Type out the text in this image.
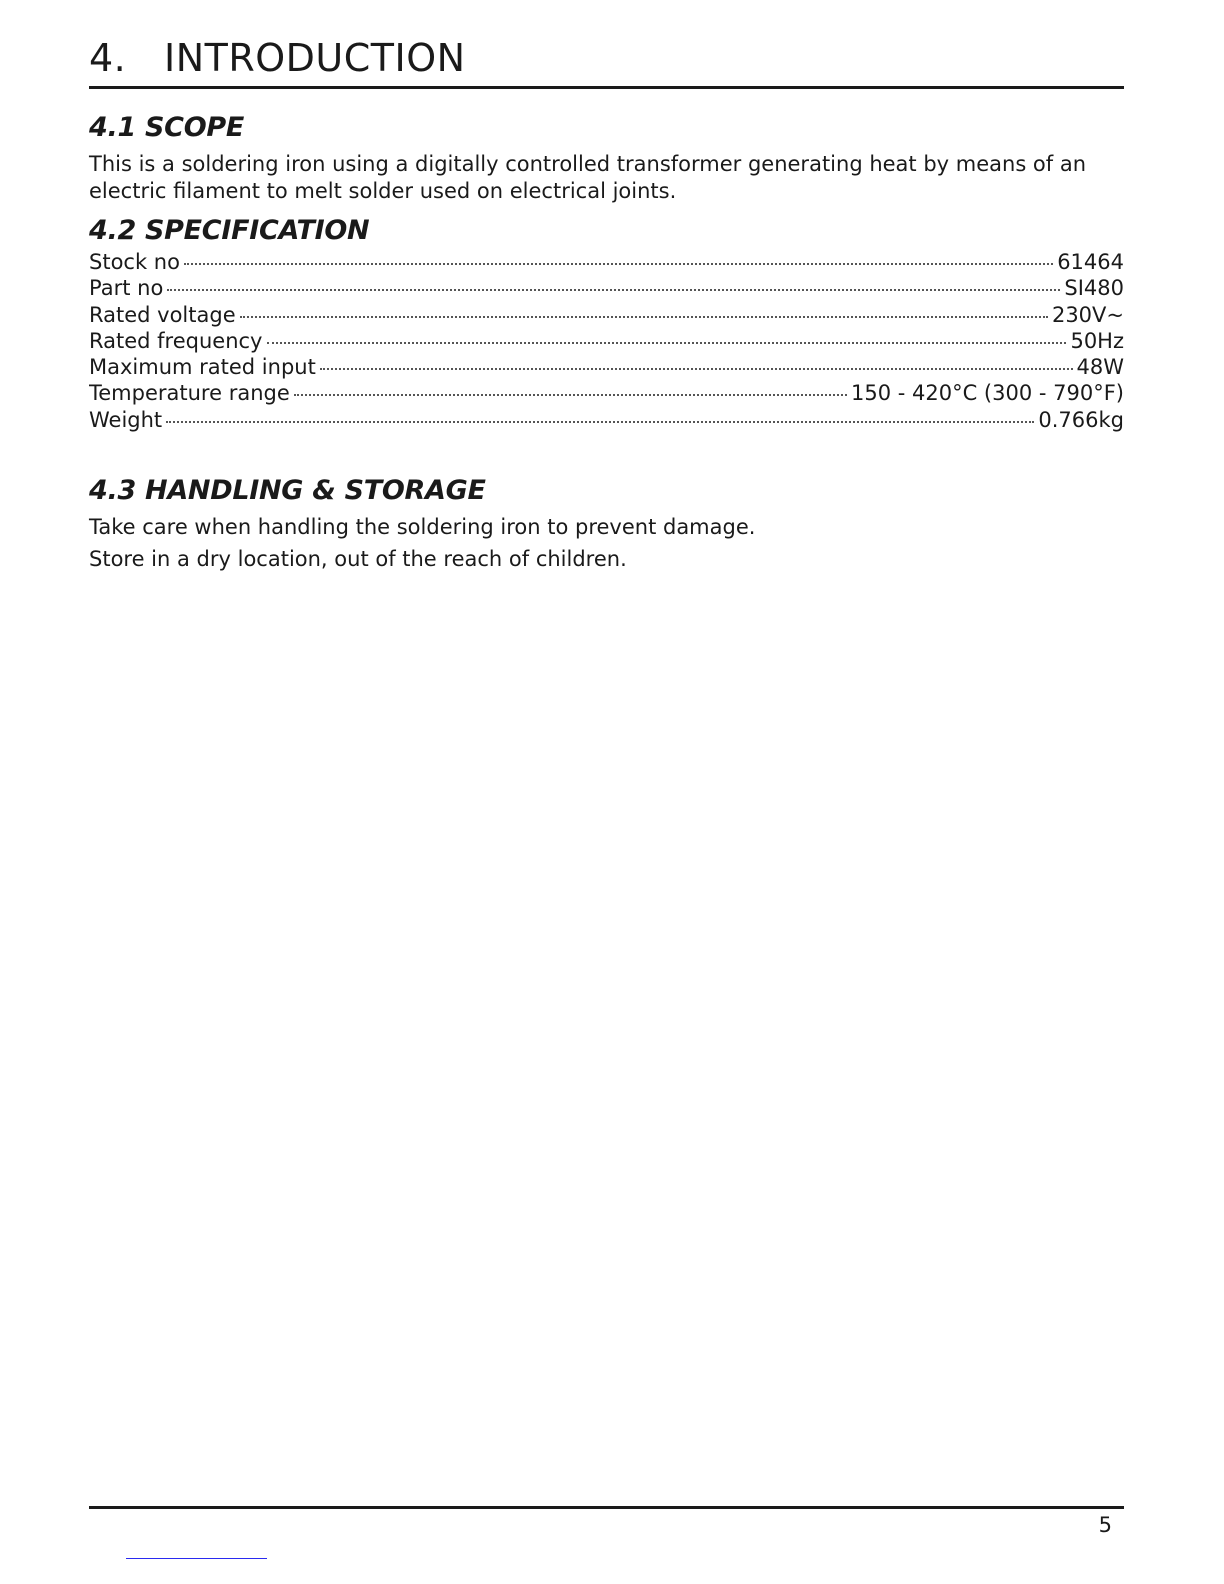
4. INTRODUCTION
4.1 SCOPE

This is a soldering iron using a digitally controlled transformer generating heat by means of an electric filament to melt solder used on electrical joints.

4.2 SPECIFICATION
Stock no	61464
Part no	SI480
Rated voltage	230V~
Rated frequency	50Hz
Maximum rated input	48W
Temperature range	150 - 420°C (300 - 790°F)
Weight	0.766kg
4.3 HANDLING & STORAGE

Take care when handling the soldering iron to prevent damage.

Store in a dry location, out of the reach of children.

5
